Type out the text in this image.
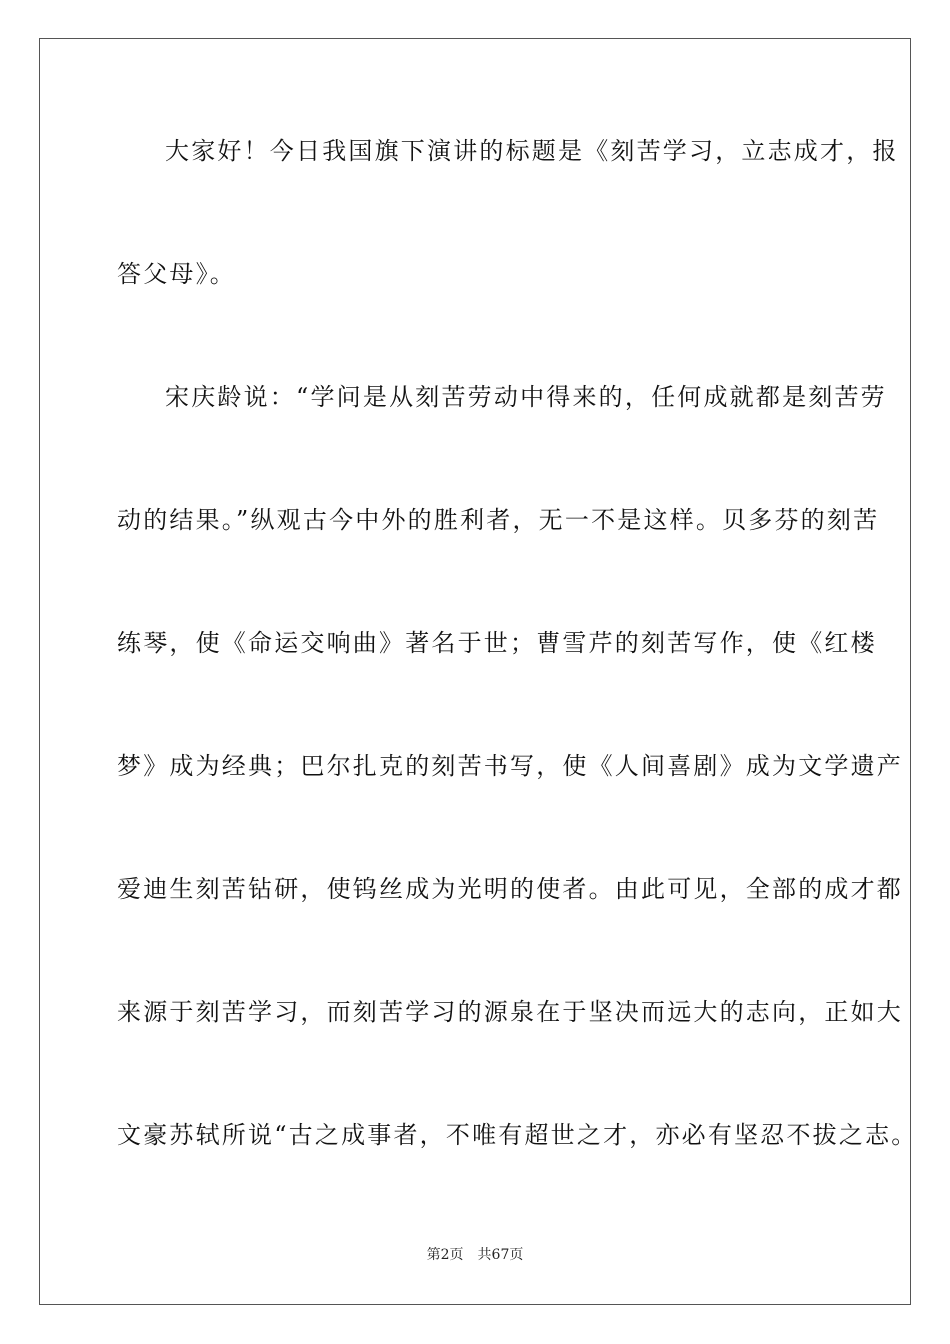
大家好！今日我国旗下演讲的标题是《刻苦学习，立志成才，报
答父母》。
宋庆龄说：“学问是从刻苦劳动中得来的，任何成就都是刻苦劳
动的结果。”纵观古今中外的胜利者，无一不是这样。贝多芬的刻苦
练琴，使《命运交响曲》著名于世；曹雪芹的刻苦写作，使《红楼
梦》成为经典；巴尔扎克的刻苦书写，使《人间喜剧》成为文学遗产
爱迪生刻苦钻研，使钨丝成为光明的使者。由此可见，全部的成才都
来源于刻苦学习，而刻苦学习的源泉在于坚决而远大的志向，正如大
文豪苏轼所说“古之成事者，不唯有超世之才，亦必有坚忍不拔之志。
第2页 共67页
